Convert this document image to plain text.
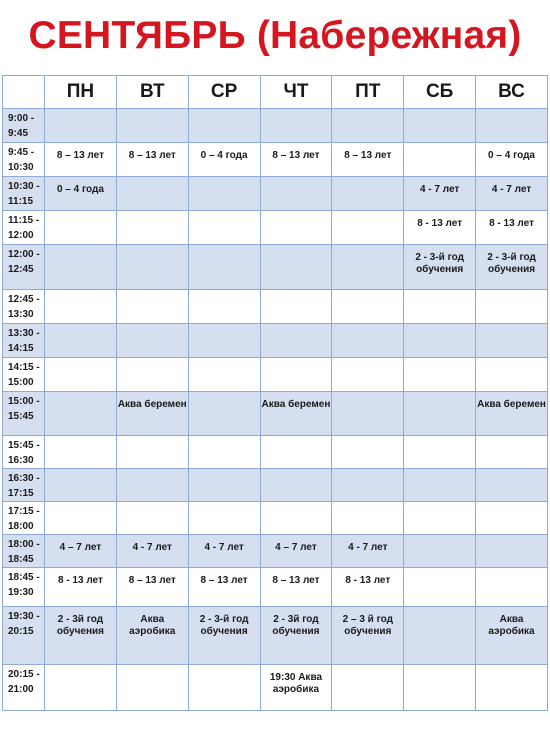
СЕНТЯБРЬ (Набережная)
	ПН	ВТ	СР	ЧТ	ПТ	СБ	ВС
9:00 - 9:45							
9:45 - 10:30	8 – 13 лет	8 – 13 лет	0 – 4 года	8 – 13 лет	8 – 13 лет		0 – 4 года
10:30 - 11:15	0 – 4 года					4 - 7 лет	4 - 7 лет
11:15 - 12:00						8 - 13 лет	8 - 13 лет
12:00 - 12:45						2 - 3-й год обучения	2 - 3-й год обучения
12:45 - 13:30							
13:30 - 14:15							
14:15 - 15:00							
15:00 - 15:45		Аква беремен		Аква беремен			Аква беремен
15:45 - 16:30							
16:30 - 17:15							
17:15 - 18:00							
18:00 - 18:45	4 – 7 лет	4 - 7 лет	4 - 7 лет	4 – 7 лет	4 - 7 лет		
18:45 - 19:30	8 - 13 лет	8 – 13 лет	8 – 13 лет	8 – 13 лет	8 - 13 лет		
19:30 - 20:15	2 - 3й год обучения	Аква аэробика	2 - 3-й год обучения	2 - 3й год обучения	2 – 3 й год обучения		Аква аэробика
20:15 - 21:00				19:30 Аква аэробика			
